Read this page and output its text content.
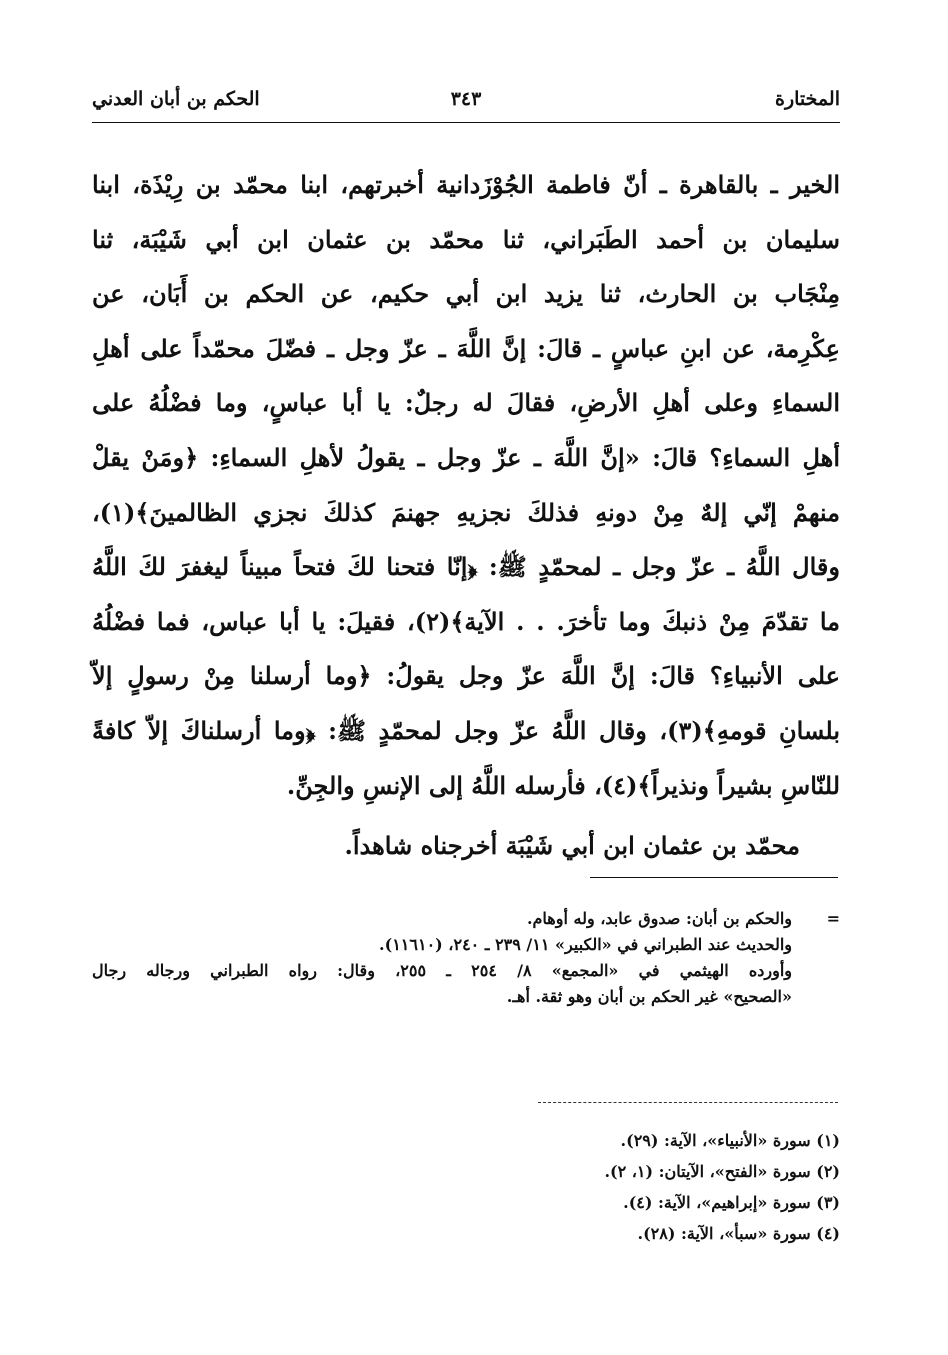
المختارة
٣٤٣
الحكم بن أبان العدني
الخير ـ بالقاهرة ـ أنّ فاطمة الجُوْزَدانية أخبرتهم، ابنا محمّد بن رِيْذَة، ابنا
سليمان بن أحمد الطَبَراني، ثنا محمّد بن عثمان ابن أبي شَيْبَة، ثنا
مِنْجَاب بن الحارث، ثنا يزيد ابن أبي حكيم، عن الحكم بن أَبَان، عن
عِكْرِمة، عن ابنِ عباسٍ ـ قالَ: إنَّ اللَّهَ ـ عزّ وجل ـ فضّلَ محمّداً على أهلِ
السماءِ وعلى أهلِ الأرضِ، فقالَ له رجلٌ: يا أبا عباسٍ، وما فضْلُهُ على
أهلِ السماءِ؟ قالَ: «إنَّ اللَّهَ ـ عزّ وجل ـ يقولُ لأهلِ السماءِ: ﴿ومَنْ يقلْ
منهمْ إنّي إلهٌ مِنْ دونهِ فذلكَ نجزيهِ جهنمَ كذلكَ نجزي الظالمينَ﴾(١)،
وقال اللَّهُ ـ عزّ وجل ـ لمحمّدٍ ﷺ: ﴿إنّا فتحنا لكَ فتحاً مبيناً ليغفرَ لكَ اللَّهُ
ما تقدّمَ مِنْ ذنبكَ وما تأخرَ. . . الآية﴾(٢)، فقيلَ: يا أبا عباس، فما فضْلُهُ
على الأنبياءِ؟ قالَ: إنَّ اللَّهَ عزّ وجل يقولُ: ﴿وما أرسلنا مِنْ رسولٍ إلاّ
بلسانِ قومهِ﴾(٣)، وقال اللَّهُ عزّ وجل لمحمّدٍ ﷺ: ﴿وما أرسلناكَ إلاّ كافةً
للنّاسِ بشيراً ونذيراً﴾(٤)، فأرسله اللَّهُ إلى الإنسِ والجِنِّ.
محمّد بن عثمان ابن أبي شَيْبَة أخرجناه شاهداً.
=
والحكم بن أبان: صدوق عابد، وله أوهام.
والحديث عند الطبراني في «الكبير» ١١/ ٢٣٩ ـ ٢٤٠، (١١٦١٠).
وأورده الهيثمي في «المجمع» ٨/ ٢٥٤ ـ ٢٥٥، وقال: رواه الطبراني ورجاله رجال
«الصحيح» غير الحكم بن أبان وهو ثقة. أهـ.
(١) سورة «الأنبياء»، الآية: (٢٩).
(٢) سورة «الفتح»، الآيتان: (١، ٢).
(٣) سورة «إبراهيم»، الآية: (٤).
(٤) سورة «سبأ»، الآية: (٢٨).
